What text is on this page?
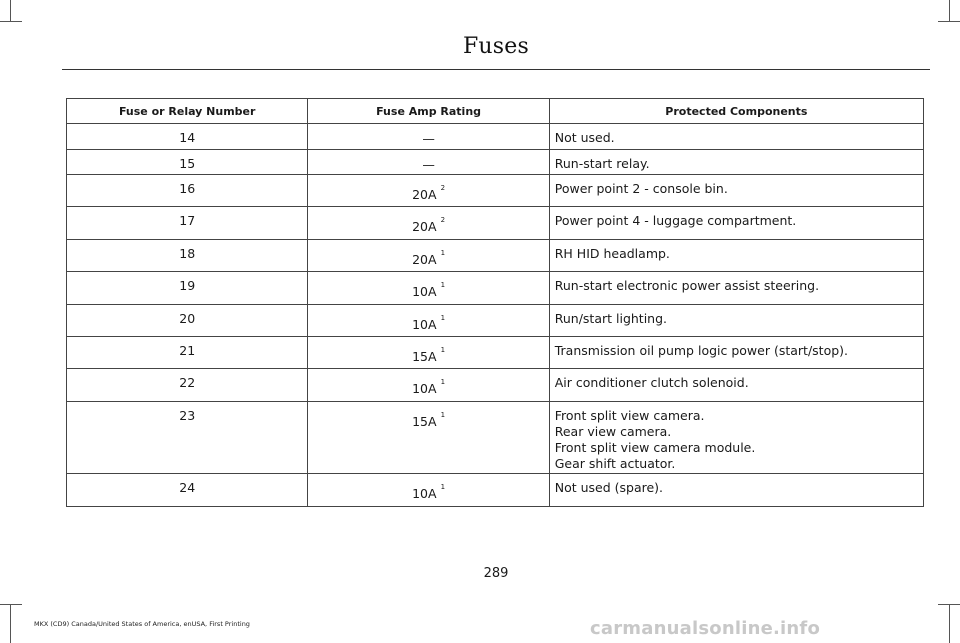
Fuses
Fuse or Relay Number	Fuse Amp Rating	Protected Components
14	—	Not used.

15	—	Run-start relay.

16	20A $^2$	Power point 2 - console bin.

17	20A $^2$	Power point 4 - luggage compartment.

18	20A $^1$	RH HID headlamp.

19	10A $^1$	Run-start electronic power assist steering.

20	10A $^1$	Run/start lighting.

21	15A $^1$	Transmission oil pump logic power (start/stop).

22	10A $^1$	Air conditioner clutch solenoid.

23	15A $^1$	Front split view camera.
Rear view camera.
Front split view camera module.
Gear shift actuator.

24	10A $^1$	Not used (spare).
289
MKX (CD9) Canada/United States of America, enUSA, First Printing	carmanualsonline.info
